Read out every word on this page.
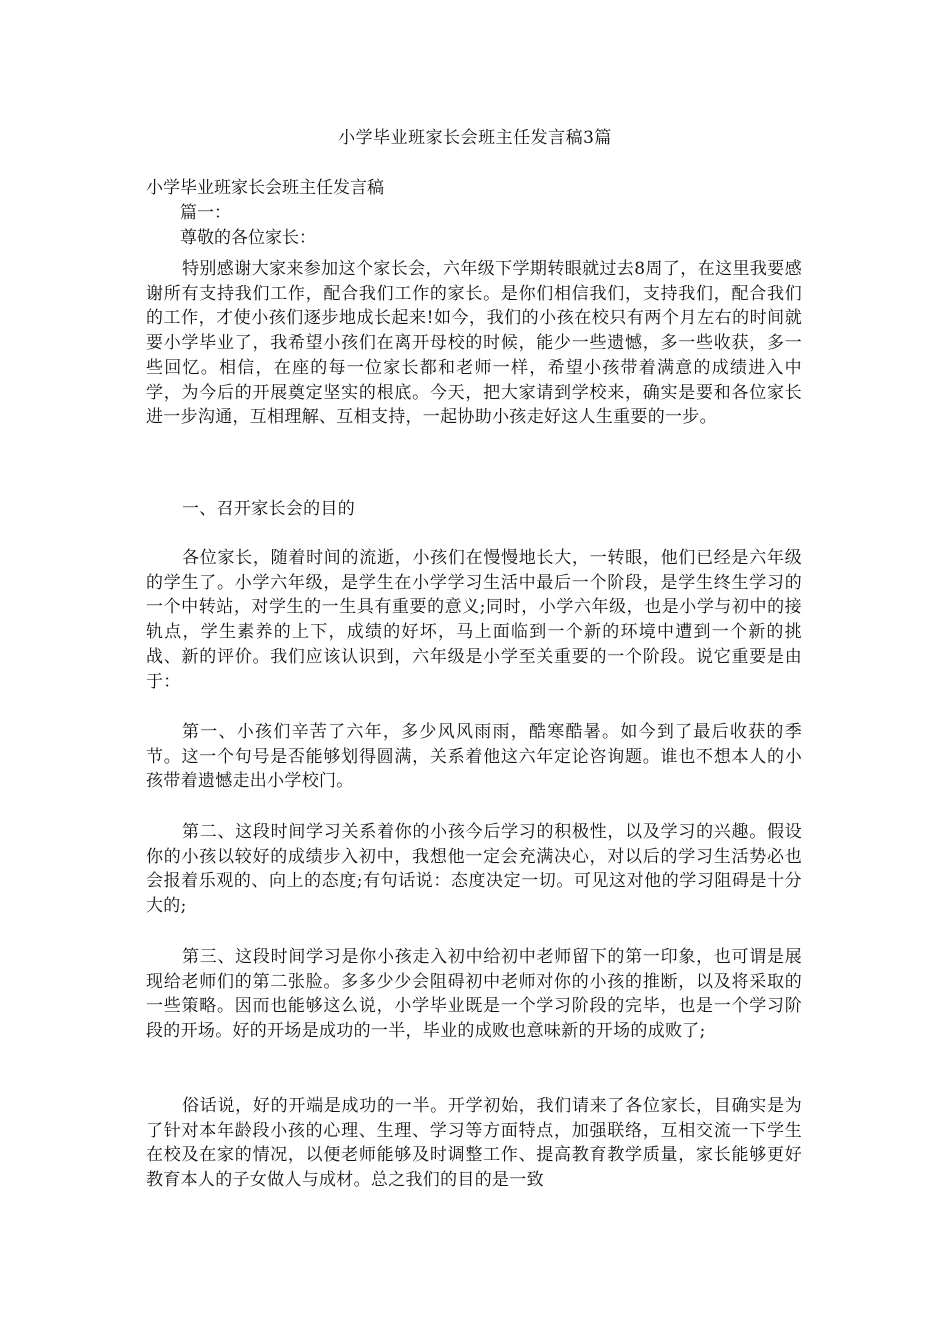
小学毕业班家长会班主任发言稿3篇
小学毕业班家长会班主任发言稿
篇一：
尊敬的各位家长：

特别感谢大家来参加这个家长会，六年级下学期转眼就过去8周了，在这里我要感谢所有支持我们工作，配合我们工作的家长。是你们相信我们，支持我们，配合我们的工作，才使小孩们逐步地成长起来!如今，我们的小孩在校只有两个月左右的时间就要小学毕业了，我希望小孩们在离开母校的时候，能少一些遗憾，多一些收获，多一些回忆。相信，在座的每一位家长都和老师一样，希望小孩带着满意的成绩进入中学，为今后的开展奠定坚实的根底。今天，把大家请到学校来，确实是要和各位家长进一步沟通，互相理解、互相支持，一起协助小孩走好这人生重要的一步。

一、召开家长会的目的

各位家长，随着时间的流逝，小孩们在慢慢地长大，一转眼，他们已经是六年级的学生了。小学六年级，是学生在小学学习生活中最后一个阶段，是学生终生学习的一个中转站，对学生的一生具有重要的意义;同时，小学六年级，也是小学与初中的接轨点，学生素养的上下，成绩的好坏，马上面临到一个新的环境中遭到一个新的挑战、新的评价。我们应该认识到，六年级是小学至关重要的一个阶段。说它重要是由于：

第一、小孩们辛苦了六年，多少风风雨雨，酷寒酷暑。如今到了最后收获的季节。这一个句号是否能够划得圆满，关系着他这六年定论咨询题。谁也不想本人的小孩带着遗憾走出小学校门。

第二、这段时间学习关系着你的小孩今后学习的积极性，以及学习的兴趣。假设你的小孩以较好的成绩步入初中，我想他一定会充满决心，对以后的学习生活势必也会报着乐观的、向上的态度;有句话说：态度决定一切。可见这对他的学习阻碍是十分大的;

第三、这段时间学习是你小孩走入初中给初中老师留下的第一印象，也可谓是展现给老师们的第二张脸。多多少少会阻碍初中老师对你的小孩的推断，以及将采取的一些策略。因而也能够这么说，小学毕业既是一个学习阶段的完毕，也是一个学习阶段的开场。好的开场是成功的一半，毕业的成败也意味新的开场的成败了;

俗话说，好的开端是成功的一半。开学初始，我们请来了各位家长，目确实是为了针对本年龄段小孩的心理、生理、学习等方面特点，加强联络，互相交流一下学生在校及在家的情况，以便老师能够及时调整工作、提高教育教学质量，家长能够更好教育本人的子女做人与成材。总之我们的目的是一致
